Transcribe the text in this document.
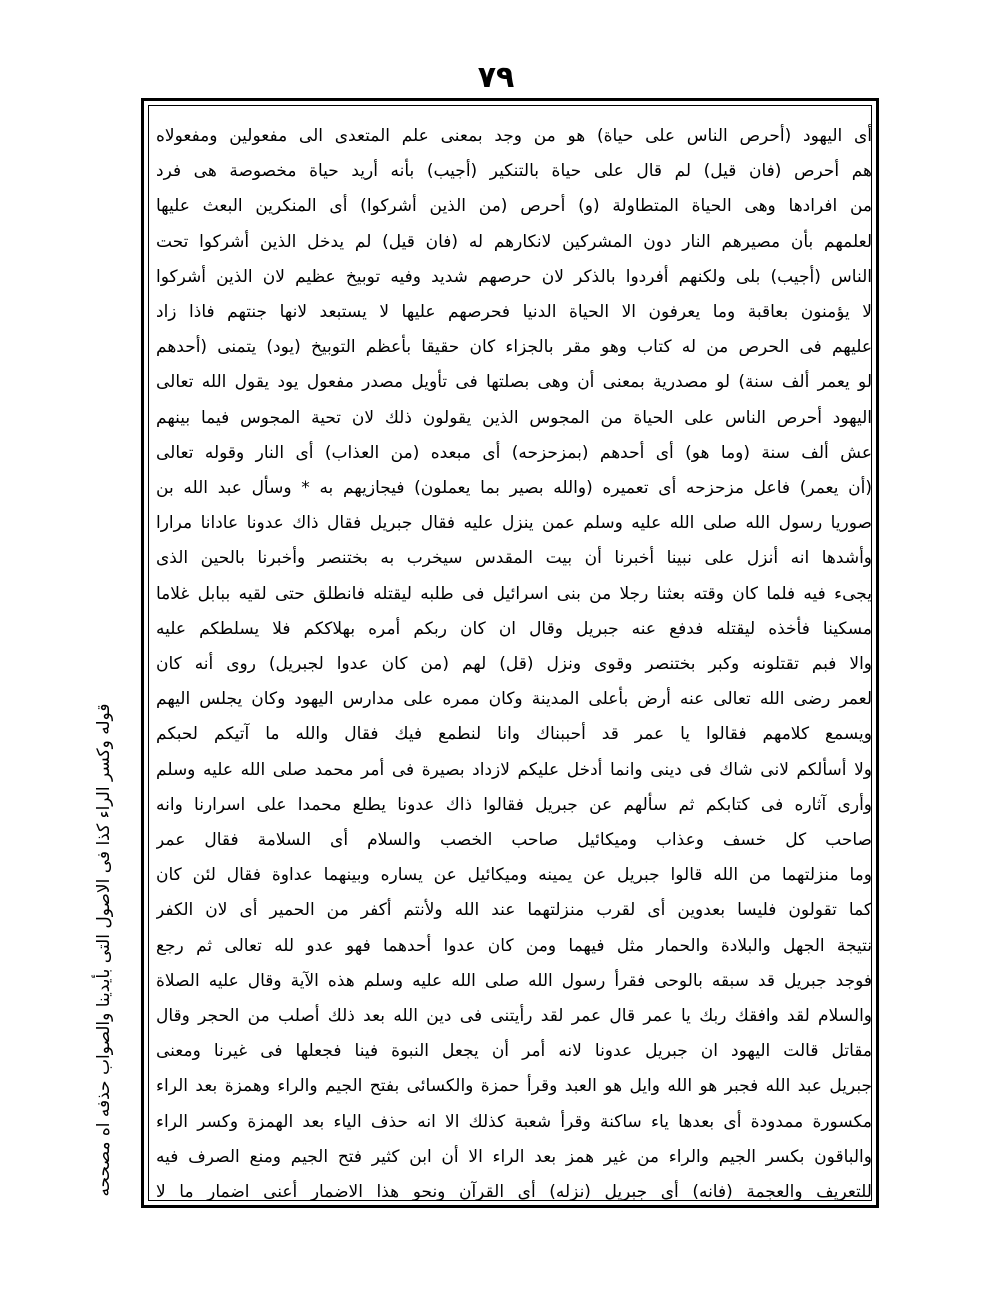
٧٩
أى اليهود (أحرص الناس على حياة) هو من وجد بمعنى علم المتعدى الى مفعولين ومفعولاه
هم أحرص (فان قيل) لم قال على حياة بالتنكير (أجيب) بأنه أريد حياة مخصوصة هى فرد
من افرادها وهى الحياة المتطاولة (و) أحرص (من الذين أشركوا) أى المنكرين البعث عليها
لعلمهم بأن مصيرهم النار دون المشركين لانكارهم له (فان قيل) لم يدخل الذين أشركوا تحت
الناس (أجيب) بلى ولكنهم أفردوا بالذكر لان حرصهم شديد وفيه توبيخ عظيم لان الذين أشركوا
لا يؤمنون بعاقبة وما يعرفون الا الحياة الدنيا فحرصهم عليها لا يستبعد لانها جنتهم فاذا زاد
عليهم فى الحرص من له كتاب وهو مقر بالجزاء كان حقيقا بأعظم التوبيخ (يود) يتمنى (أحدهم
لو يعمر ألف سنة) لو مصدرية بمعنى أن وهى بصلتها فى تأويل مصدر مفعول يود يقول الله تعالى
اليهود أحرص الناس على الحياة من المجوس الذين يقولون ذلك لان تحية المجوس فيما بينهم
عش ألف سنة (وما هو) أى أحدهم (بمزحزحه) أى مبعده (من العذاب) أى النار وقوله تعالى
(أن يعمر) فاعل مزحزحه أى تعميره (والله بصير بما يعملون) فيجازيهم به * وسأل عبد الله بن
صوريا رسول الله صلى الله عليه وسلم عمن ينزل عليه فقال جبريل فقال ذاك عدونا عادانا مرارا
وأشدها انه أنزل على نبينا أخبرنا أن بيت المقدس سيخرب به بختنصر وأخبرنا بالحين الذى
يجىء فيه فلما كان وقته بعثنا رجلا من بنى اسرائيل فى طلبه ليقتله فانطلق حتى لقيه ببابل غلاما
مسكينا فأخذه ليقتله فدفع عنه جبريل وقال ان كان ربكم أمره بهلاككم فلا يسلطكم عليه
والا فبم تقتلونه وكبر بختنصر وقوى ونزل (قل) لهم (من كان عدوا لجبريل) روى أنه كان
لعمر رضى الله تعالى عنه أرض بأعلى المدينة وكان ممره على مدارس اليهود وكان يجلس اليهم
ويسمع كلامهم فقالوا يا عمر قد أحببناك وانا لنطمع فيك فقال والله ما آتيكم لحبكم
ولا أسألكم لانى شاك فى دينى وانما أدخل عليكم لازداد بصيرة فى أمر محمد صلى الله عليه وسلم
وأرى آثاره فى كتابكم ثم سألهم عن جبريل فقالوا ذاك عدونا يطلع محمدا على اسرارنا وانه
صاحب كل خسف وعذاب وميكائيل صاحب الخصب والسلام أى السلامة فقال عمر
وما منزلتهما من الله قالوا جبريل عن يمينه وميكائيل عن يساره وبينهما عداوة فقال لئن كان
كما تقولون فليسا بعدوين أى لقرب منزلتهما عند الله ولأنتم أكفر من الحمير أى لان الكفر
نتيجة الجهل والبلادة والحمار مثل فيهما ومن كان عدوا أحدهما فهو عدو لله تعالى ثم رجع
فوجد جبريل قد سبقه بالوحى فقرأ رسول الله صلى الله عليه وسلم هذه الآية وقال عليه الصلاة
والسلام لقد وافقك ربك يا عمر قال عمر لقد رأيتنى فى دين الله بعد ذلك أصلب من الحجر وقال
مقاتل قالت اليهود ان جبريل عدونا لانه أمر أن يجعل النبوة فينا فجعلها فى غيرنا ومعنى
جبريل عبد الله فجبر هو الله وايل هو العبد وقرأ حمزة والكسائى بفتح الجيم والراء وهمزة بعد الراء
مكسورة ممدودة أى بعدها ياء ساكنة وقرأ شعبة كذلك الا انه حذف الياء بعد الهمزة وكسر الراء
والباقون بكسر الجيم والراء من غير همز بعد الراء الا أن ابن كثير فتح الجيم ومنع الصرف فيه
للتعريف والعجمة (فانه) أى جبريل (نزله) أى القرآن ونحو هذا الاضمار أعنى اضمار ما لا
قوله وكسر الراء كذا فى الاصول التى بأيدينا والصواب حذفه اه مصححه
